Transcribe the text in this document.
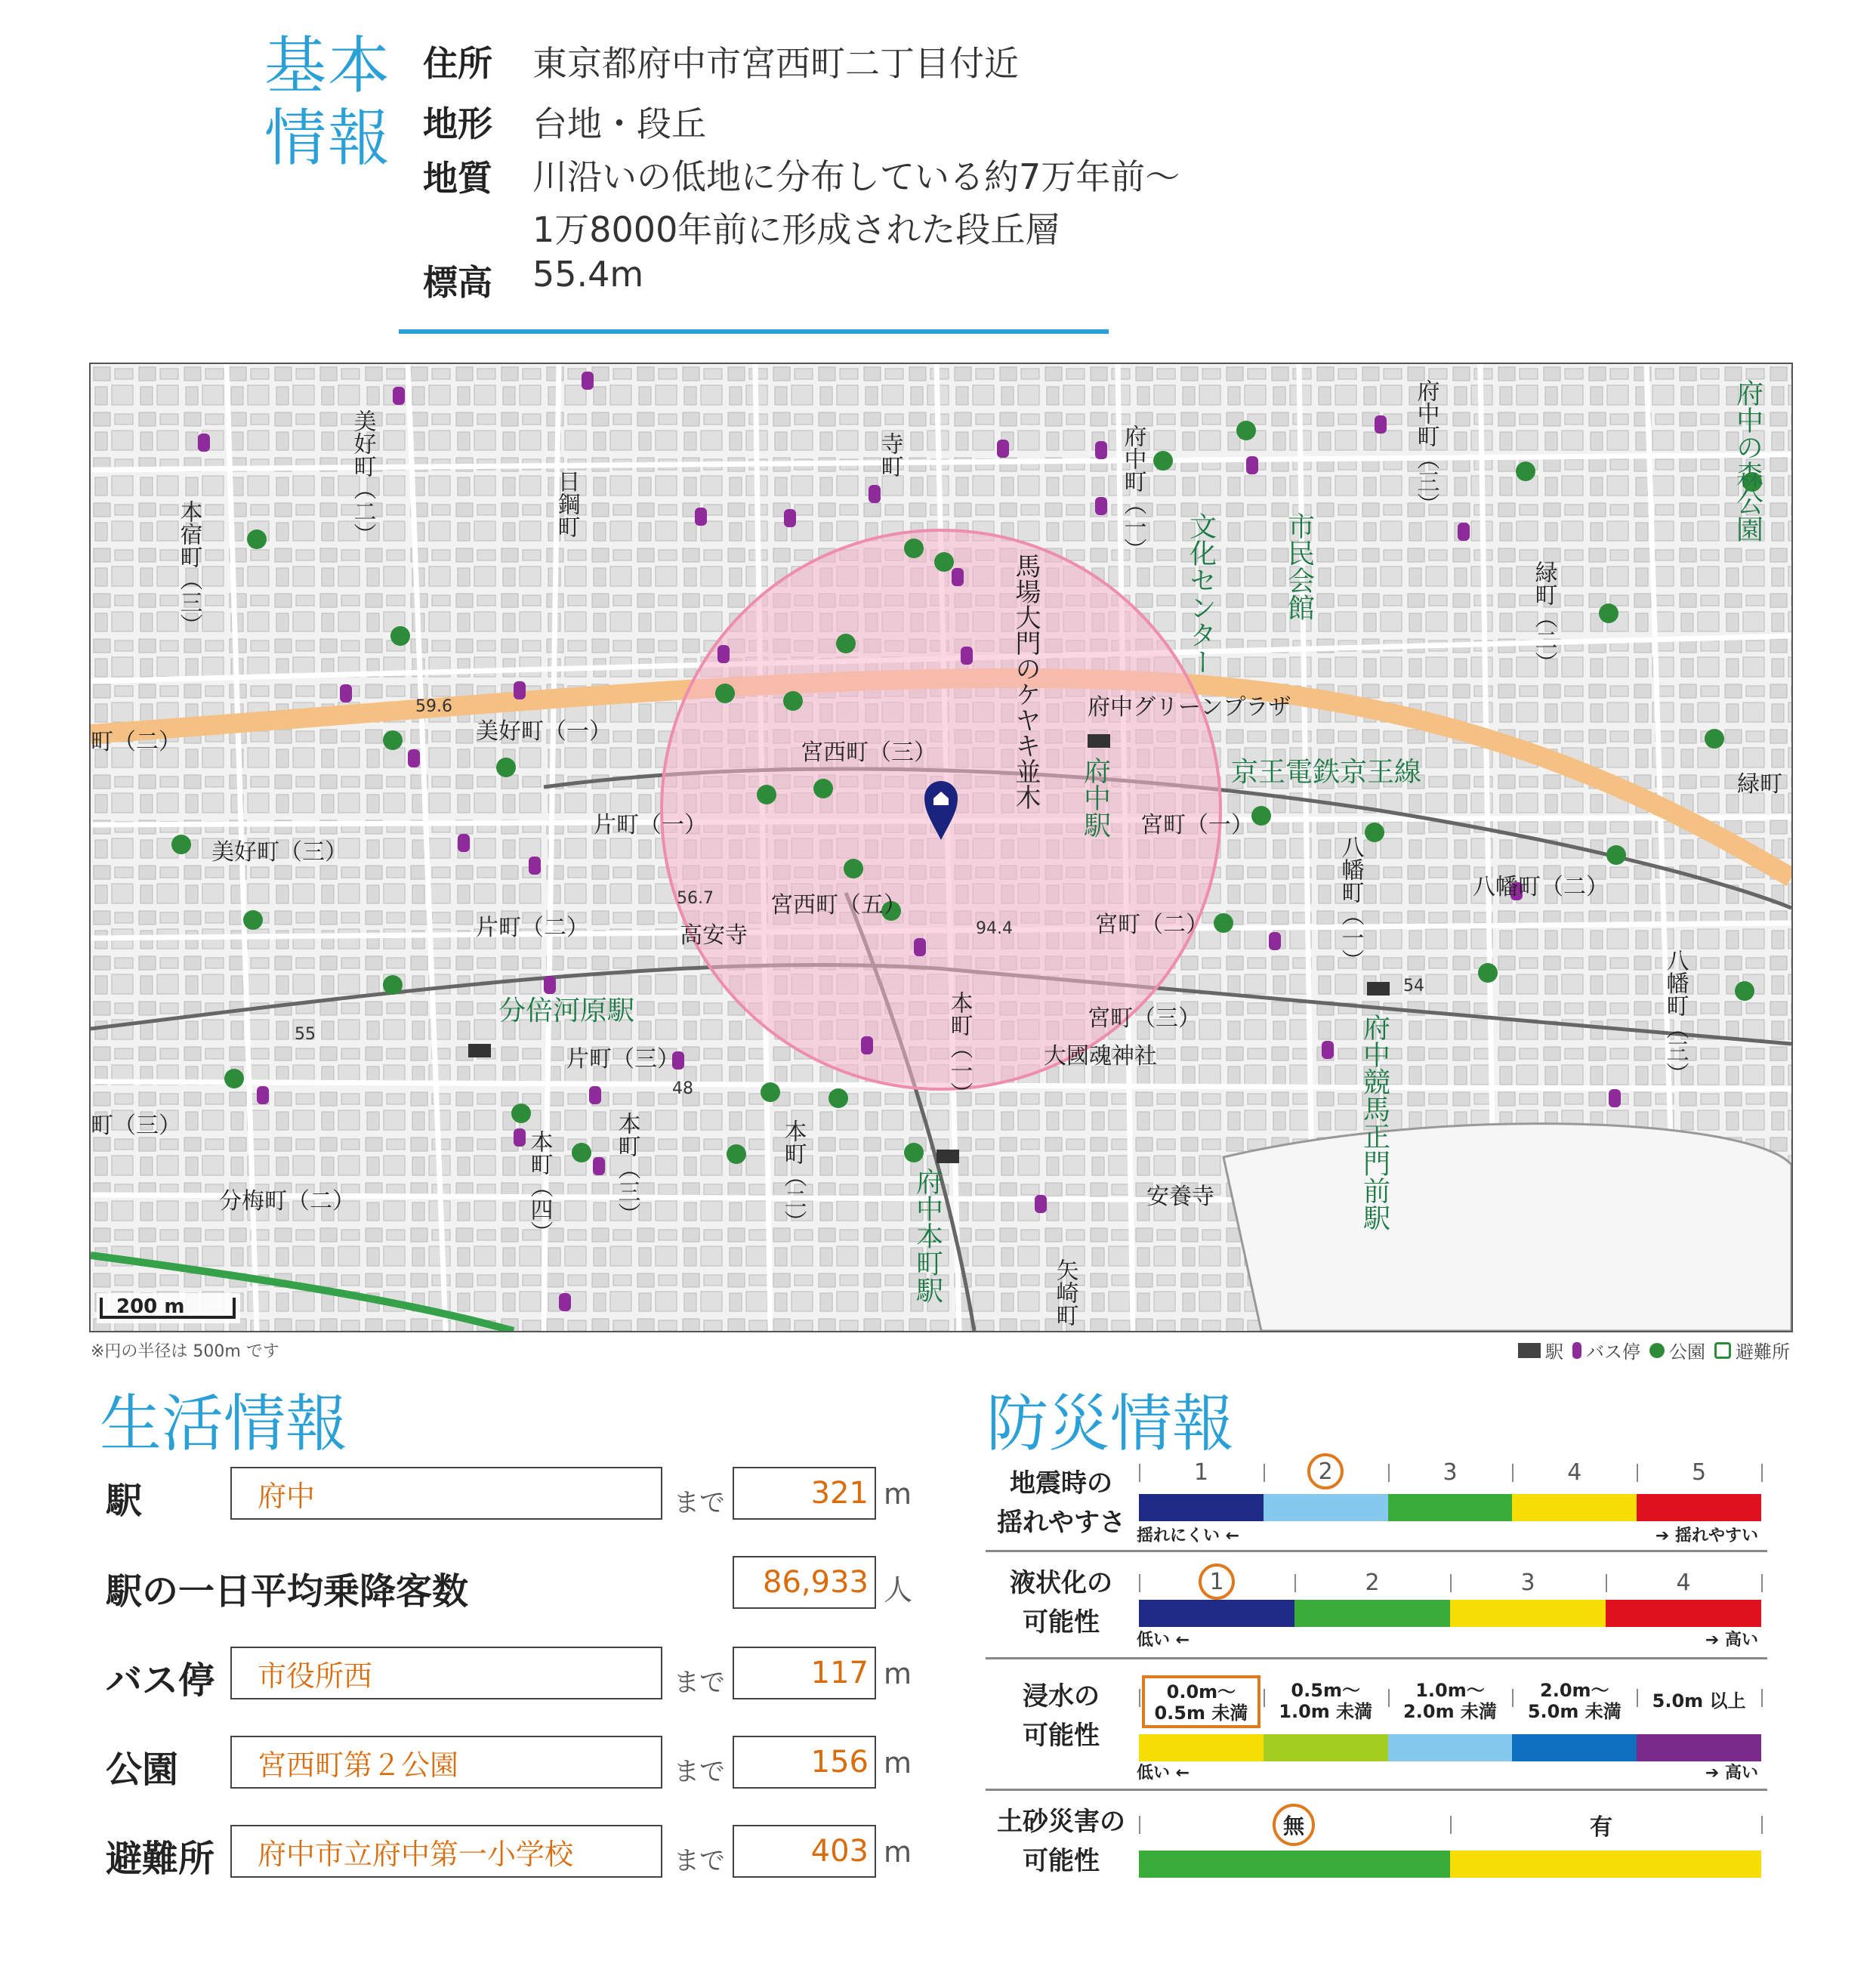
基本
情報
住所 東京都府中市宮西町二丁目付近
地形 台地・段丘
地質 川沿いの低地に分布している約7万年前～
1万8000年前に形成された段丘層
標高 55.4m
本宿町（三）
美好町（二）	日鋼町
寺町	府中町（一）	府中町（三）
馬場大門のケヤキ並木 府中グリーンプラザ
宮西町（三）
宮町（一）
美好町（一）
美好町（三）
片町（一）
片町（二）
片町（三）
宮西町（五）
高安寺	宮町（二）
宮町（三）
八幡町（二）
大國魂神社
安養寺
分梅町（二）
町（三）
町（二）
緑町
本町（一）
本町（三）
本町（四）
八幡町（一）
八幡町（三）
矢崎町
緑町（二）
本町（二）
京王電鉄京王線
府中駅
文化センター 市民会館
府中の森公園
分倍河原駅
府中競馬正門前駅
府中本町駅
59.6
56.7
94.4
55
54
48
200 m
※円の半径は 500m です	駅 バス停 公園 避難所
生活情報
駅	府中	まで	321 m
駅の一日平均乗降客数	86,933 人
バス停	市役所西	まで	117 m
公園	宮西町第２公園	まで	156 m
避難所	府中市立府中第一小学校	まで	403 m
防災情報
地震時の
揺れやすさ
1	2	3	4	5
揺れにくい ←	➔ 揺れやすい
液状化の
可能性
1	2	3	4
低い ←	➔ 高い
浸水の
可能性
0.0m～
0.5m 未満
0.5m～
1.0m 未満
1.0m～
2.0m 未満
2.0m～
5.0m 未満	5.0m 以上
低い ←	➔ 高い
土砂災害の
可能性
無	有
